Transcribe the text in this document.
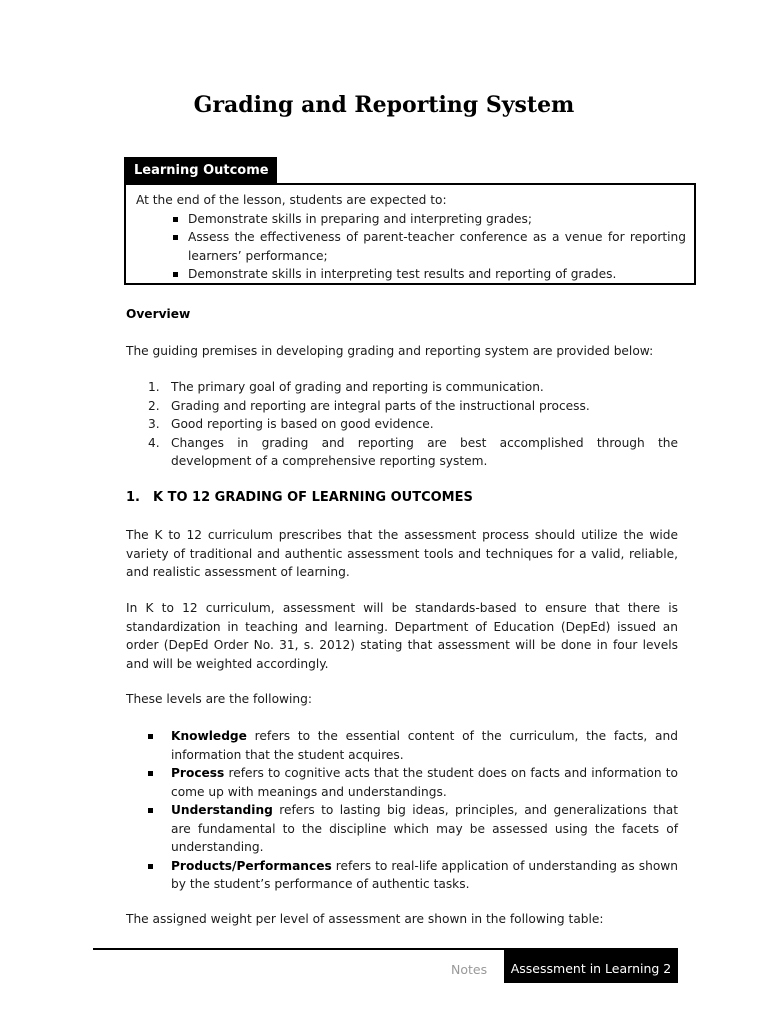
Grading and Reporting System
Learning Outcome
At the end of the lesson, students are expected to:
Demonstrate skills in preparing and interpreting grades;
Assess the effectiveness of parent-teacher conference as a venue for reporting learners’ performance;
Demonstrate skills in interpreting test results and reporting of grades.
Overview
The guiding premises in developing grading and reporting system are provided below:
1. The primary goal of grading and reporting is communication.
2. Grading and reporting are integral parts of the instructional process.
3. Good reporting is based on good evidence.
4. Changes in grading and reporting are best accomplished through the development of a comprehensive reporting system.
1. K TO 12 GRADING OF LEARNING OUTCOMES
The K to 12 curriculum prescribes that the assessment process should utilize the wide variety of traditional and authentic assessment tools and techniques for a valid, reliable, and realistic assessment of learning.
In K to 12 curriculum, assessment will be standards-based to ensure that there is standardization in teaching and learning. Department of Education (DepEd) issued an order (DepEd Order No. 31, s. 2012) stating that assessment will be done in four levels and will be weighted accordingly.
These levels are the following:
Knowledge refers to the essential content of the curriculum, the facts, and information that the student acquires.
Process refers to cognitive acts that the student does on facts and information to come up with meanings and understandings.
Understanding refers to lasting big ideas, principles, and generalizations that are fundamental to the discipline which may be assessed using the facets of understanding.
Products/Performances refers to real-life application of understanding as shown by the student’s performance of authentic tasks.
The assigned weight per level of assessment are shown in the following table:
Notes	Assessment in Learning 2
